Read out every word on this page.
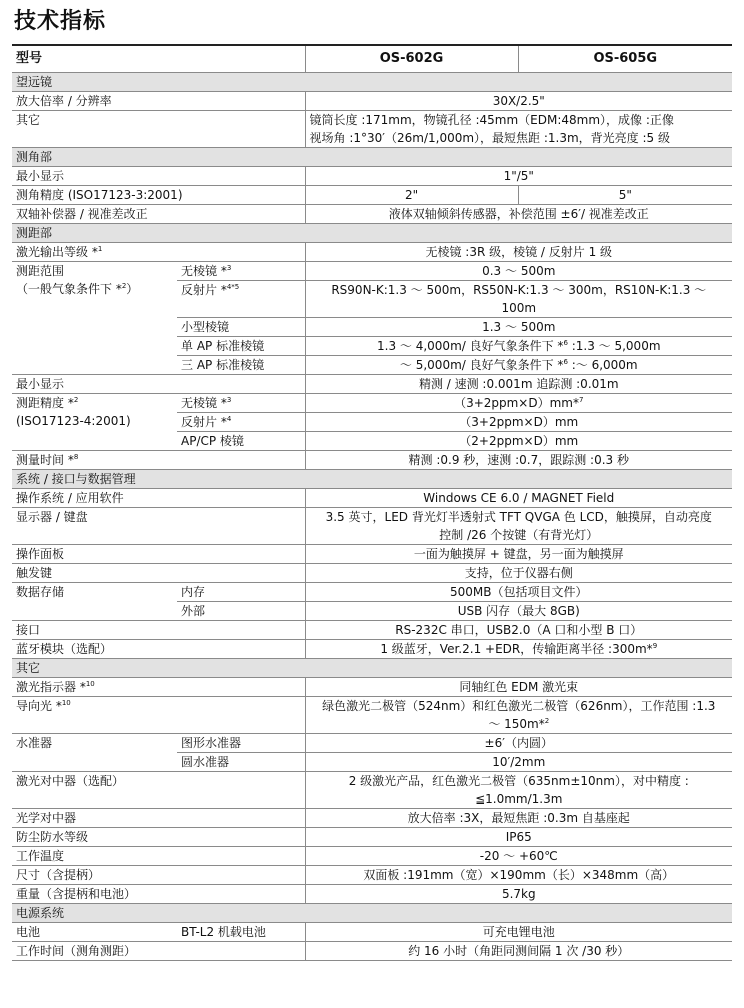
技术指标
型号		OS-602G	OS-605G
望远镜			
放大倍率 / 分辨率		30X/2.5"	
其它		镜筒长度 :171mm，物镜孔径 :45mm（EDM:48mm），成像 :正像
视场角 :1°30′（26m/1,000m），最短焦距 :1.3m，背光亮度 :5 级	

测角部			
最小显示		1"/5"	
测角精度 (ISO17123-3:2001)		2"	5"
双轴补偿器 / 视准差改正		液体双轴倾斜传感器，补偿范围 ±6′/ 视准差改正	
测距部			
激光输出等级 *$^1$		无棱镜 :3R 级，棱镜 / 反射片 1 级	

测距范围
（一般气象条件下 *$^2$）	无棱镜 *$^3$	0.3 ～ 500m	
	反射片 *$^{4*5}$	RS90N-K:1.3 ～ 500m，RS50N-K:1.3 ～ 300m，RS10N-K:1.3 ～
100m	

	小型棱镜	1.3 ～ 500m	
	单 AP 标准棱镜	1.3 ～ 4,000m/ 良好气象条件下 *$^6$ :1.3 ～ 5,000m	
	三 AP 标准棱镜	～ 5,000m/ 良好气象条件下 *$^6$ :～ 6,000m	
最小显示		精测 / 速测 :0.001m 追踪测 :0.01m	

测距精度 *$^2$
(ISO17123-4:2001)	无棱镜 *$^3$	（3+2ppm×D）mm*$^7$
	反射片 *$^4$	（3+2ppm×D）mm	
	AP/CP 棱镜	（2+2ppm×D）mm	
测量时间 *$^8$		精测 :0.9 秒，速测 :0.7，跟踪测 :0.3 秒	
系统 / 接口与数据管理			
操作系统 / 应用软件		Windows CE 6.0 / MAGNET Field	
显示器 / 键盘		3.5 英寸，LED 背光灯半透射式 TFT QVGA 色 LCD，触摸屏，自动亮度
控制 /26 个按键（有背光灯）	

操作面板		一面为触摸屏 + 键盘，另一面为触摸屏	
触发键		支持，位于仪器右侧	
数据存储	内存	500MB（包括项目文件）	
	外部	USB 闪存（最大 8GB)	
接口		RS-232C 串口，USB2.0（A 口和小型 B 口）	
蓝牙模块（选配）		1 级蓝牙，Ver.2.1 +EDR，传输距离半径 :300m*$^9$
其它			
激光指示器 *$^{10}$		同轴红色 EDM 激光束	
导向光 *$^{10}$		绿色激光二极管（524nm）和红色激光二极管（626nm），工作范围 :1.3
～ 150m*$^2$

水准器	图形水准器	±6′（内圆）	
	圆水准器	10′/2mm	
激光对中器（选配）		2 级激光产品，红色激光二极管（635nm±10nm），对中精度 :
≦1.0mm/1.3m	

光学对中器		放大倍率 :3X，最短焦距 :0.3m 自基座起	
防尘防水等级		IP65	
工作温度		-20 ～ +60℃	
尺寸（含提柄）		双面板 :191mm（宽）×190mm（长）×348mm（高）	
重量（含提柄和电池）		5.7kg	
电源系统			
电池	BT-L2 机载电池	可充电锂电池	
工作时间（测角测距）		约 16 小时（角距同测间隔 1 次 /30 秒）	
